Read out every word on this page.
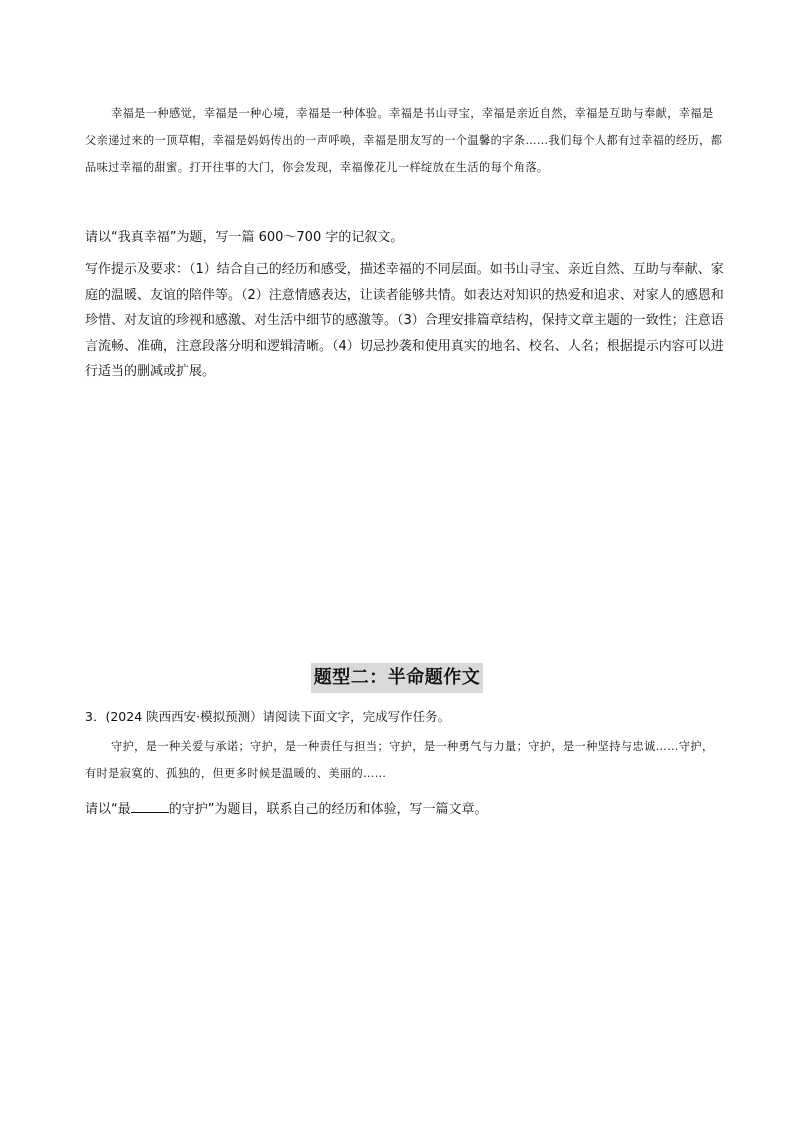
幸福是一种感觉，幸福是一种心境，幸福是一种体验。幸福是书山寻宝，幸福是亲近自然，幸福是互助与奉献，幸福是父亲递过来的一顶草帽，幸福是妈妈传出的一声呼唤，幸福是朋友写的一个温馨的字条……我们每个人都有过幸福的经历，都品味过幸福的甜蜜。打开往事的大门，你会发现，幸福像花儿一样绽放在生活的每个角落。

请以“我真幸福”为题，写一篇 600～700 字的记叙文。

写作提示及要求：（1）结合自己的经历和感受，描述幸福的不同层面。如书山寻宝、亲近自然、互助与奉献、家庭的温暖、友谊的陪伴等。（2）注意情感表达，让读者能够共情。如表达对知识的热爱和追求、对家人的感恩和珍惜、对友谊的珍视和感激、对生活中细节的感激等。（3）合理安排篇章结构，保持文章主题的一致性；注意语言流畅、准确，注意段落分明和逻辑清晰。（4）切忌抄袭和使用真实的地名、校名、人名；根据提示内容可以进行适当的删减或扩展。

题型二：半命题作文

3．(2024 陕西西安·模拟预测）请阅读下面文字，完成写作任务。

守护，是一种关爱与承诺；守护，是一种责任与担当；守护，是一种勇气与力量；守护，是一种坚持与忠诚……守护，有时是寂寞的、孤独的，但更多时候是温暖的、美丽的……

请以“最	的守护”为题目，联系自己的经历和体验，写一篇文章。
